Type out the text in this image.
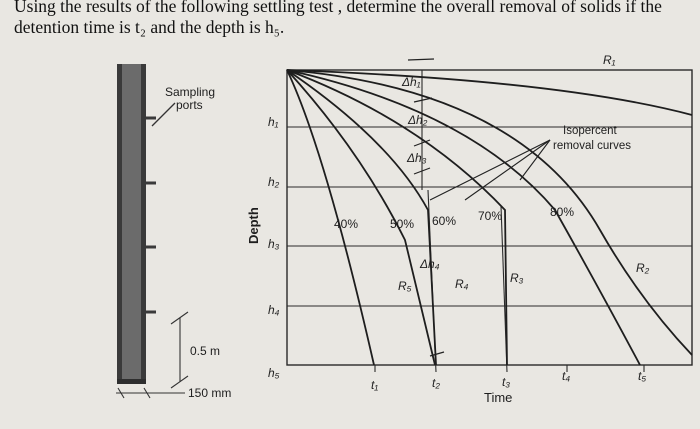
Using the results of the following settling test , determine the overall removal of solids if the
detention time is t₂ and the depth is h₅.
Sampling
ports
0.5 m
150 mm
Depth
h₁
h₂
h₃
h₄
h₅
t₁	t₂	t₃	t₄	t₅
Time
40%	50% 60% 70%	80%
R₁
R₂
R₃
R₄
R₅
Δh₁
Δh₂
Δh₃
Δh₄
Isopercent
removal curves
